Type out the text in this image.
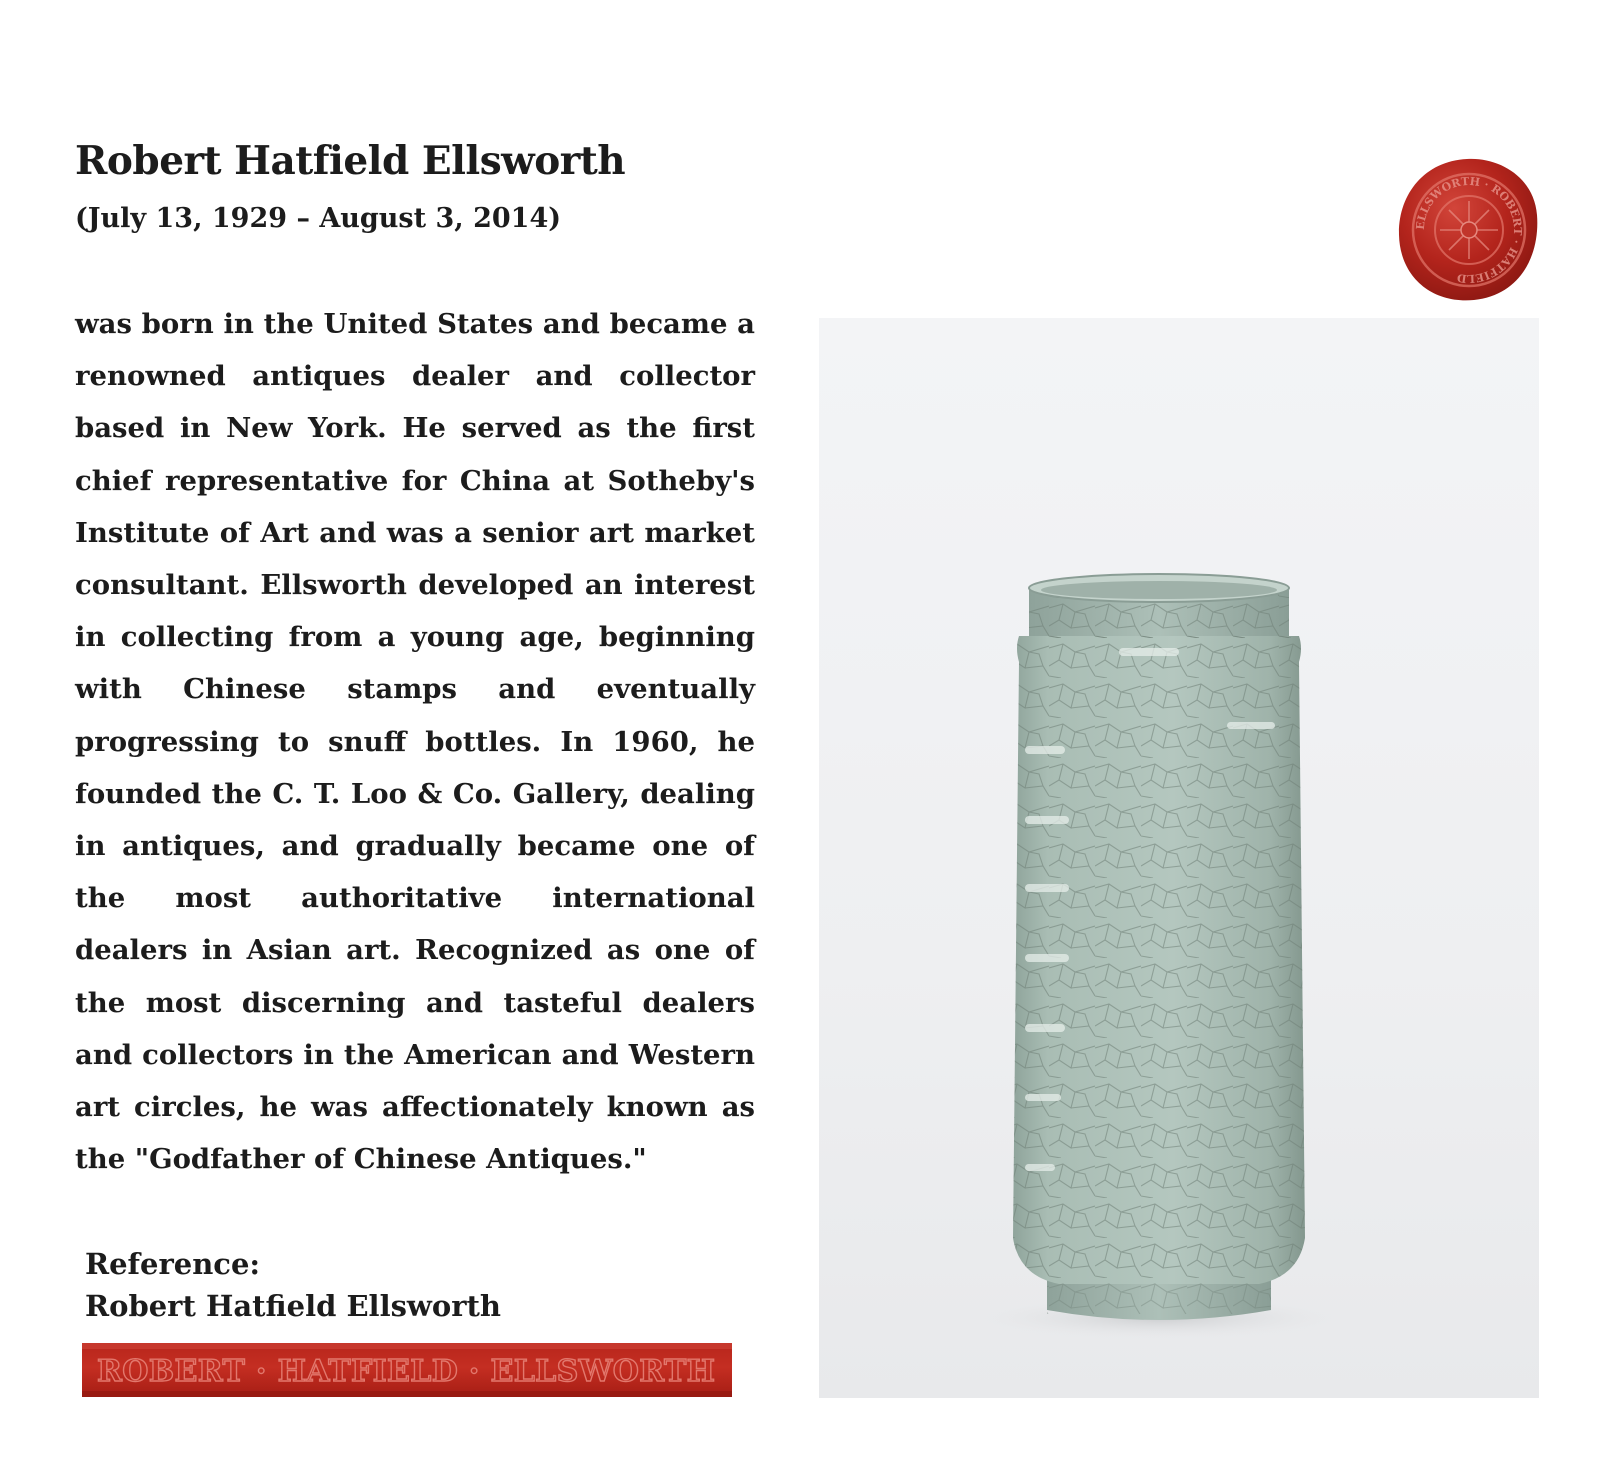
Robert Hatfield Ellsworth
(July 13, 1929 – August 3, 2014)

was born in the United States and became a renowned antiques dealer and collector based in New York. He served as the first chief representative for China at Sotheby's Institute of Art and was a senior art market consultant. Ellsworth developed an interest in collecting from a young age, beginning with Chinese stamps and eventually progressing to snuff bottles. In 1960, he founded the C. T. Loo & Co. Gallery, dealing in antiques, and gradually became one of the most authoritative international dealers in Asian art. Recognized as one of the most discerning and tasteful dealers and collectors in the American and Western art circles, he was affectionately known as the "Godfather of Chinese Antiques."

Reference:
Robert Hatfield Ellsworth
ELLSWORTH · ROBERT · HATFIELD
ROBERT · HATFIELD · ELLSWORTH
